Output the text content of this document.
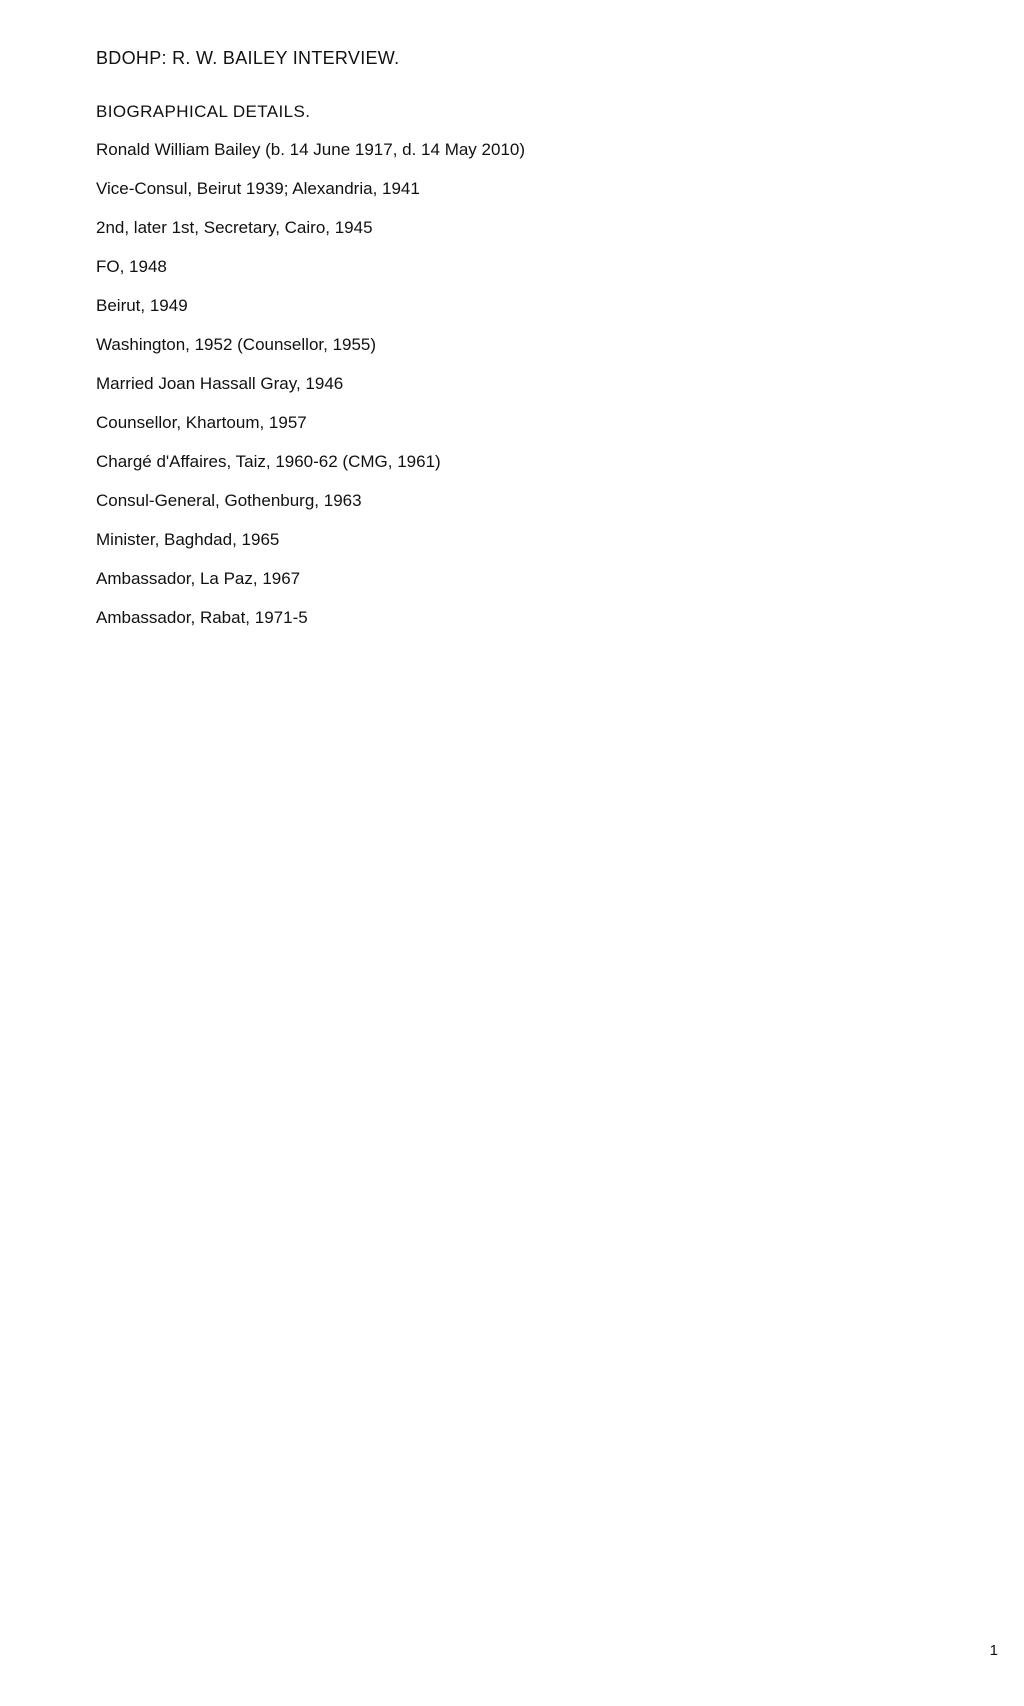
BDOHP: R. W. BAILEY INTERVIEW.
BIOGRAPHICAL DETAILS.
Ronald William Bailey (b. 14 June 1917, d. 14 May 2010)
Vice-Consul, Beirut 1939; Alexandria, 1941
2nd, later 1st, Secretary, Cairo, 1945
FO, 1948
Beirut, 1949
Washington, 1952 (Counsellor, 1955)
Married Joan Hassall Gray, 1946
Counsellor, Khartoum, 1957
Chargé d'Affaires, Taiz, 1960-62 (CMG, 1961)
Consul-General, Gothenburg, 1963
Minister, Baghdad, 1965
Ambassador, La Paz, 1967
Ambassador, Rabat, 1971-5
1
